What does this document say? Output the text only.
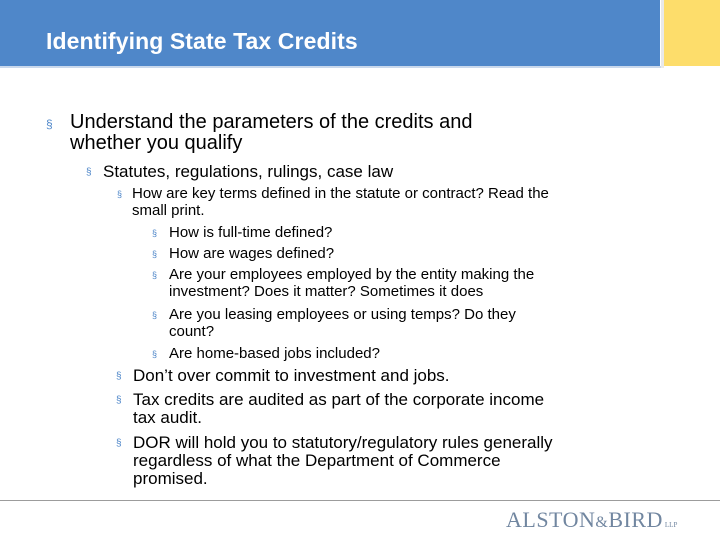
Identifying State Tax Credits
§ Understand the parameters of the credits and
whether you qualify
§ Statutes, regulations, rulings, case law
§ How are key terms defined in the statute or contract? Read the
small print.
§ How is full-time defined?
§ How are wages defined?
§ Are your employees employed by the entity making the
investment? Does it matter? Sometimes it does
§ Are you leasing employees or using temps? Do they
count?
§ Are home-based jobs included?
§ Don’t over commit to investment and jobs.
§ Tax credits are audited as part of the corporate income
tax audit.
§ DOR will hold you to statutory/regulatory rules generally
regardless of what the Department of Commerce
promised.
ALSTON&BIRD LLP
